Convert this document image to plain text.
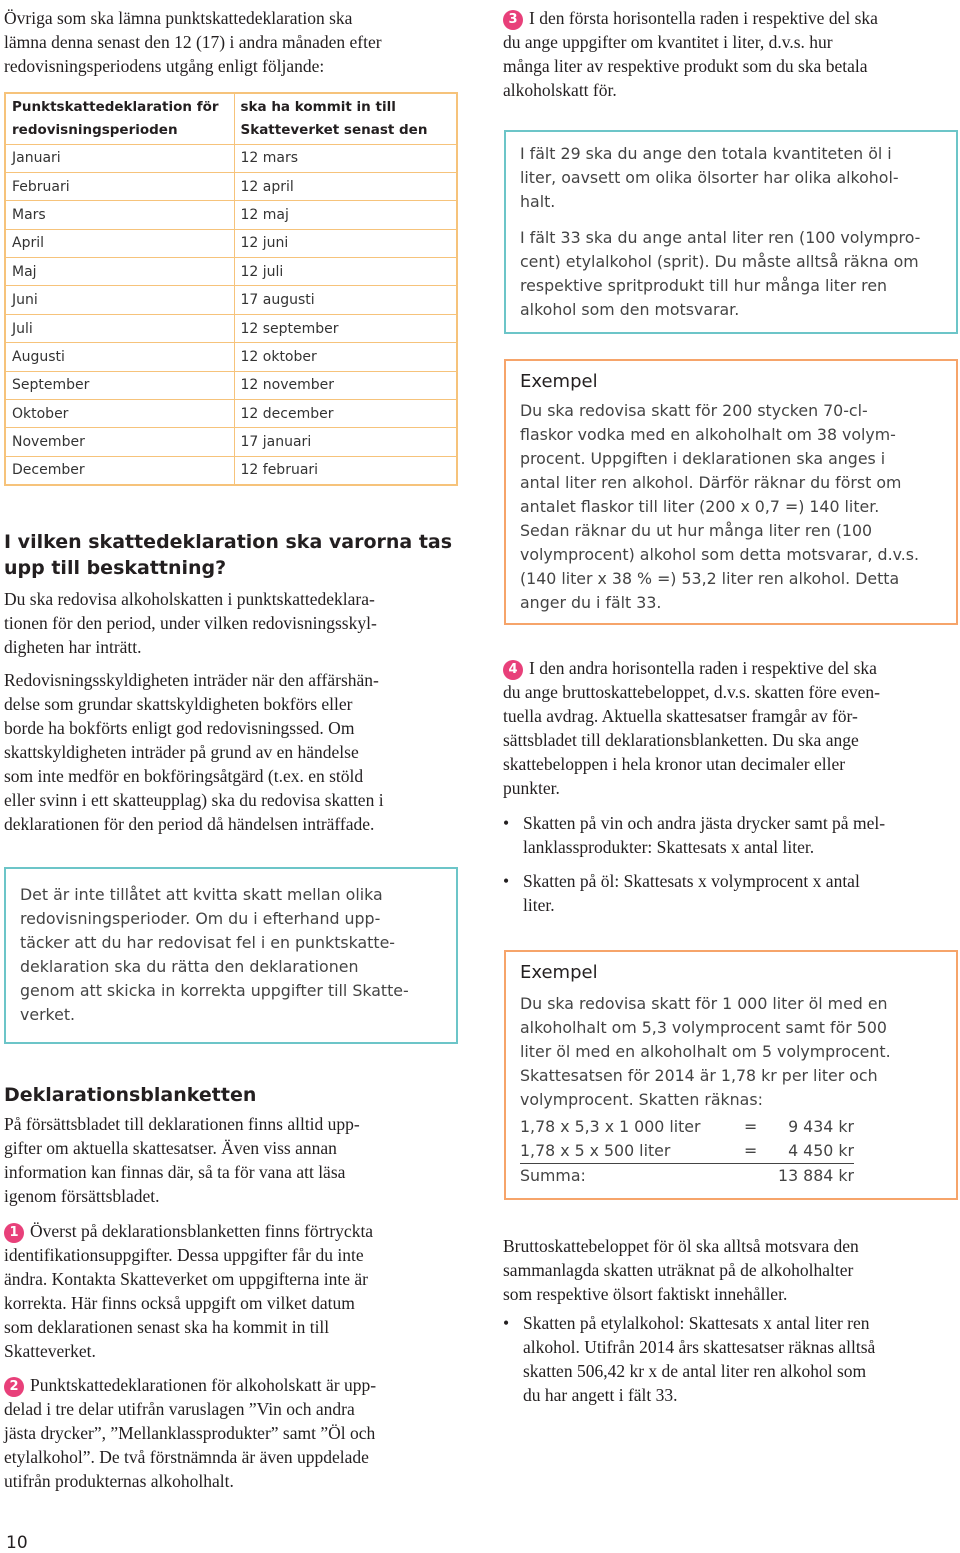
Övriga som ska lämna punktskattedeklaration ska
lämna denna senast den 12 (17) i andra månaden efter
redovisningsperiodens utgång enligt följande:

Punktskattedeklaration för
redovisningsperioden	ska ha kommit in till
Skatteverket senast den
Januari	12 mars
Februari	12 april
Mars	12 maj
April	12 juni
Maj	12 juli
Juni	17 augusti
Juli	12 september
Augusti	12 oktober
September	12 november
Oktober	12 december
November	17 januari
December	12 februari
I vilken skattedeklaration ska varorna tas
upp till beskattning?

Du ska redovisa alkoholskatten i punktskattedeklara-
tionen för den period, under vilken redovisningsskyl-
digheten har inträtt.

Redovisningsskyldigheten inträder när den affärshän-
delse som grundar skattskyldigheten bokförs eller
borde ha bokförts enligt god redovisningssed. Om
skattskyldigheten inträder på grund av en händelse
som inte medför en bokföringsåtgärd (t.ex. en stöld
eller svinn i ett skatteupplag) ska du redovisa skatten i
deklarationen för den period då händelsen inträffade.

Det är inte tillåtet att kvitta skatt mellan olika
redovisningsperioder. Om du i efterhand upp-
täcker att du har redovisat fel i en punktskatte-
deklaration ska du rätta den deklarationen
genom att skicka in korrekta uppgifter till Skatte-
verket.

Deklarationsblanketten

På försättsbladet till deklarationen finns alltid upp-
gifter om aktuella skattesatser. Även viss annan
information kan finnas där, så ta för vana att läsa
igenom försättsbladet.

1 Överst på deklarationsblanketten finns förtryckta
identifikationsuppgifter. Dessa uppgifter får du inte
ändra. Kontakta Skatteverket om uppgifterna inte är
korrekta. Här finns också uppgift om vilket datum
som deklarationen senast ska ha kommit in till
Skatteverket.

2 Punktskattedeklarationen för alkoholskatt är upp-
delad i tre delar utifrån varuslagen ”Vin och andra
jästa drycker”, ”Mellanklassprodukter” samt ”Öl och
etylalkohol”. De två förstnämnda är även uppdelade
utifrån produkternas alkoholhalt.

10

3 I den första horisontella raden i respektive del ska
du ange uppgifter om kvantitet i liter, d.v.s. hur
många liter av respektive produkt som du ska betala
alkoholskatt för.

I fält 29 ska du ange den totala kvantiteten öl i
liter, oavsett om olika ölsorter har olika alkohol-
halt.

I fält 33 ska du ange antal liter ren (100 volympro-
cent) etylalkohol (sprit). Du måste alltså räkna om
respektive spritprodukt till hur många liter ren
alkohol som den motsvarar.

Exempel

Du ska redovisa skatt för 200 stycken 70-cl-
flaskor vodka med en alkoholhalt om 38 volym-
procent. Uppgiften i deklarationen ska anges i
antal liter ren alkohol. Därför räknar du först om
antalet flaskor till liter (200 x 0,7 =) 140 liter.
Sedan räknar du ut hur många liter ren (100
volymprocent) alkohol som detta motsvarar, d.v.s.
(140 liter x 38 % =) 53,2 liter ren alkohol. Detta
anger du i fält 33.

4 I den andra horisontella raden i respektive del ska
du ange bruttoskattebeloppet, d.v.s. skatten före even-
tuella avdrag. Aktuella skattesatser framgår av för-
sättsbladet till deklarationsblanketten. Du ska ange
skattebeloppen i hela kronor utan decimaler eller
punkter.

• Skatten på vin och andra jästa drycker samt på mel-
lanklassprodukter: Skattesats x antal liter.
• Skatten på öl: Skattesats x volymprocent x antal
liter.
Exempel

Du ska redovisa skatt för 1 000 liter öl med en
alkoholhalt om 5,3 volymprocent samt för 500
liter öl med en alkoholhalt om 5 volymprocent.
Skattesatsen för 2014 är 1,78 kr per liter och
volymprocent. Skatten räknas:

1,78 x 5,3 x 1 000 liter	=	9 434 kr
1,78 x 5 x 500 liter	=	4 450 kr
Summa:	13 884 kr

Bruttoskattebeloppet för öl ska alltså motsvara den
sammanlagda skatten uträknat på de alkoholhalter
som respektive ölsort faktiskt innehåller.

• Skatten på etylalkohol: Skattesats x antal liter ren
alkohol. Utifrån 2014 års skattesatser räknas alltså
skatten 506,42 kr x de antal liter ren alkohol som
du har angett i fält 33.
